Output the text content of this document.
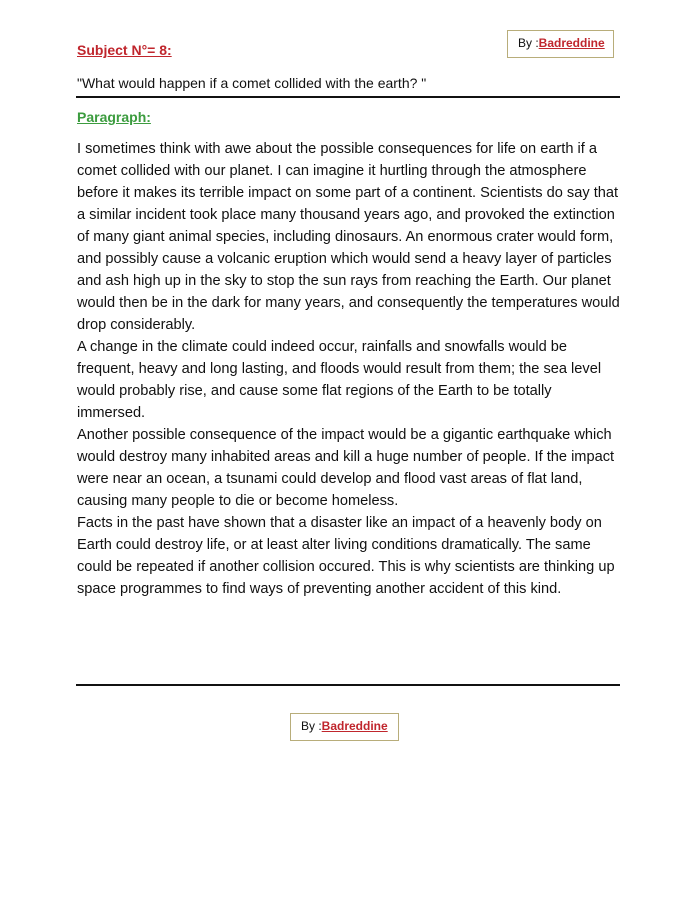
By :Badreddine
Subject N°= 8:
"What would happen if a comet collided with the earth? "
Paragraph:

I sometimes think with awe about the possible consequences for life on earth if a comet collided with our planet. I can imagine it hurtling through the atmosphere before it makes its terrible impact on some part of a continent. Scientists do say that a similar incident took place many thousand years ago, and provoked the extinction of many giant animal species, including dinosaurs. An enormous crater would form, and possibly cause a volcanic eruption which would send a heavy layer of particles and ash high up in the sky to stop the sun rays from reaching the Earth. Our planet would then be in the dark for many years, and consequently the temperatures would drop considerably.

A change in the climate could indeed occur, rainfalls and snowfalls would be frequent, heavy and long lasting, and floods would result from them; the sea level would probably rise, and cause some flat regions of the Earth to be totally immersed.

Another possible consequence of the impact would be a gigantic earthquake which would destroy many inhabited areas and kill a huge number of people. If the impact were near an ocean, a tsunami could develop and flood vast areas of flat land, causing many people to die or become homeless.

Facts in the past have shown that a disaster like an impact of a heavenly body on Earth could destroy life, or at least alter living conditions dramatically. The same could be repeated if another collision occured. This is why scientists are thinking up space programmes to find ways of preventing another accident of this kind.

By :Badreddine
